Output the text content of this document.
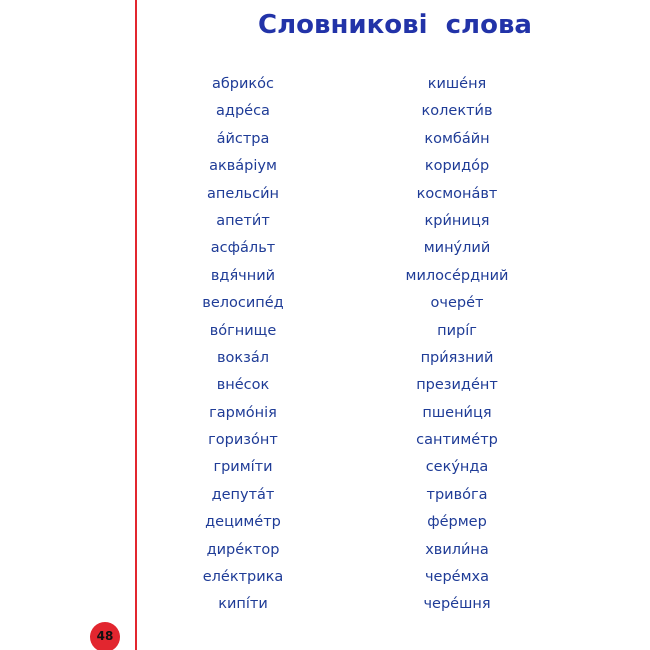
Словникові  слова
абрико́с
адре́са
а́йстра
аква́ріум
апельси́н
апети́т
асфа́льт
вдя́чний
велосипе́д
во́гнище
вокза́л
вне́сок
гармо́нія
горизо́нт
гримі́ти
депута́т
дециме́тр
дире́ктор
еле́ктрика
кипі́ти
кише́ня
колекти́в
комба́йн
коридо́р
космона́вт
кри́ниця
мину́лий
милосе́рдний
очере́т
пирі́г
при́язний
президе́нт
пшени́ця
сантиме́тр
секу́нда
триво́га
фе́рмер
хвили́на
чере́мха
чере́шня
48
